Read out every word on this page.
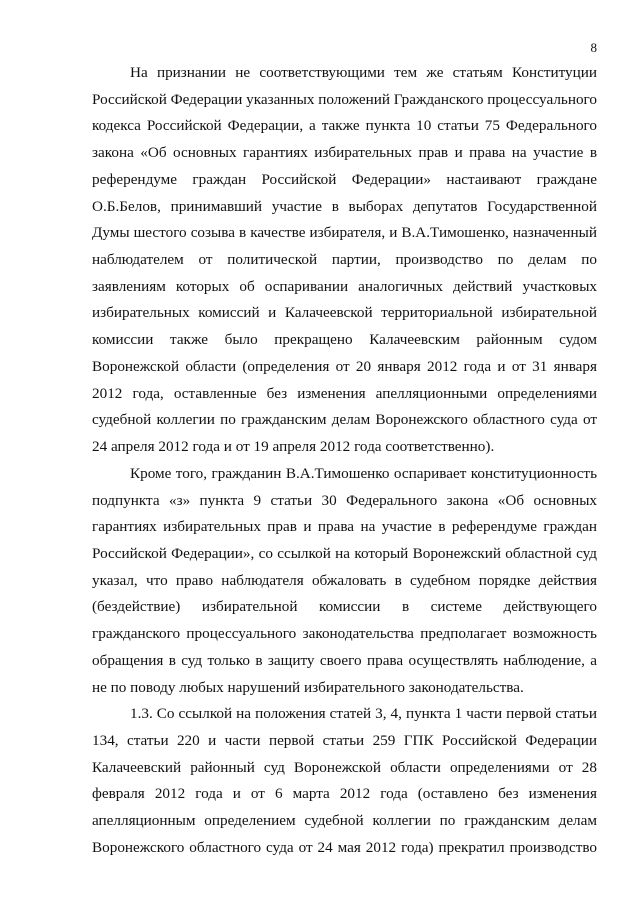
8
На признании не соответствующими тем же статьям Конституции
Российской Федерации указанных положений Гражданского процессуального
кодекса Российской Федерации, а также пункта 10 статьи 75 Федерального
закона «Об основных гарантиях избирательных прав и права на участие в
референдуме граждан Российской Федерации» настаивают граждане
О.Б.Белов, принимавший участие в выборах депутатов Государственной
Думы шестого созыва в качестве избирателя, и В.А.Тимошенко, назначенный
наблюдателем от политической партии, производство по делам по
заявлениям которых об оспаривании аналогичных действий участковых
избирательных комиссий и Калачеевской территориальной избирательной
комиссии также было прекращено Калачеевским районным судом
Воронежской области (определения от 20 января 2012 года и от 31 января
2012 года, оставленные без изменения апелляционными определениями
судебной коллегии по гражданским делам Воронежского областного суда от
24 апреля 2012 года и от 19 апреля 2012 года соответственно).
Кроме того, гражданин В.А.Тимошенко оспаривает конституционность
подпункта «з» пункта 9 статьи 30 Федерального закона «Об основных
гарантиях избирательных прав и права на участие в референдуме граждан
Российской Федерации», со ссылкой на который Воронежский областной суд
указал, что право наблюдателя обжаловать в судебном порядке действия
(бездействие) избирательной комиссии в системе действующего
гражданского процессуального законодательства предполагает возможность
обращения в суд только в защиту своего права осуществлять наблюдение, а
не по поводу любых нарушений избирательного законодательства.
1.3. Со ссылкой на положения статей 3, 4, пункта 1 части первой статьи
134, статьи 220 и части первой статьи 259 ГПК Российской Федерации
Калачеевский районный суд Воронежской области определениями от 28
февраля 2012 года и от 6 марта 2012 года (оставлено без изменения
апелляционным определением судебной коллегии по гражданским делам
Воронежского областного суда от 24 мая 2012 года) прекратил производство
